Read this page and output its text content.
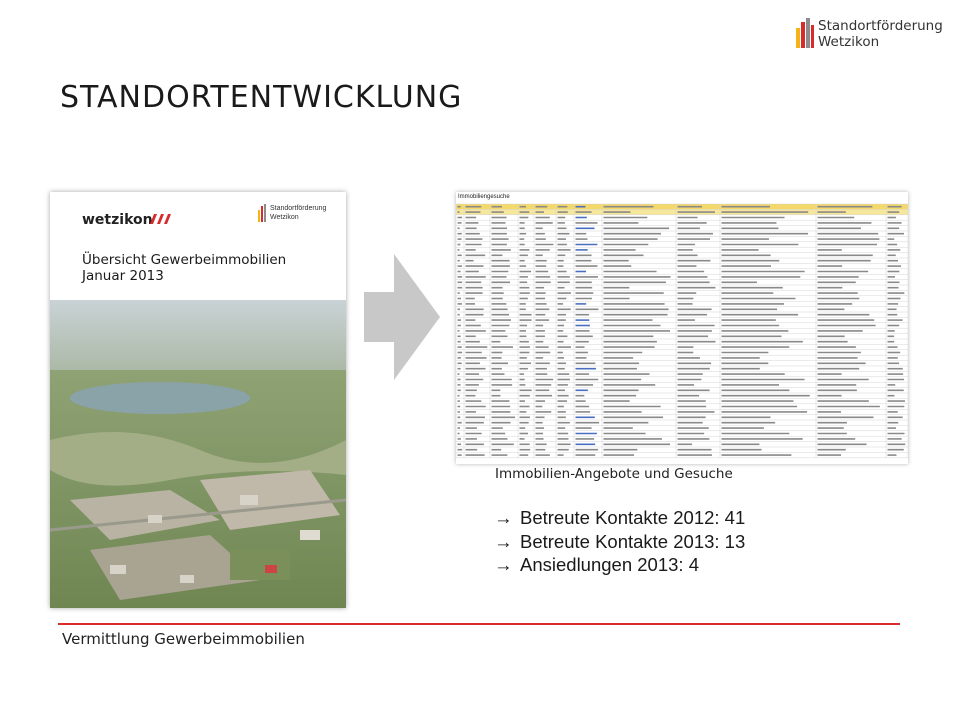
Standortförderung
Wetzikon
STANDORTENTWICKLUNG
wetzikon
Standortförderung
Wetzikon
Übersicht Gewerbeimmobilien
Januar 2013
Immobiliengesuche
Immobilien-Angebote und Gesuche
→ Betreute Kontakte 2012: 41
→ Betreute Kontakte 2013: 13
→ Ansiedlungen 2013: 4
Vermittlung Gewerbeimmobilien
